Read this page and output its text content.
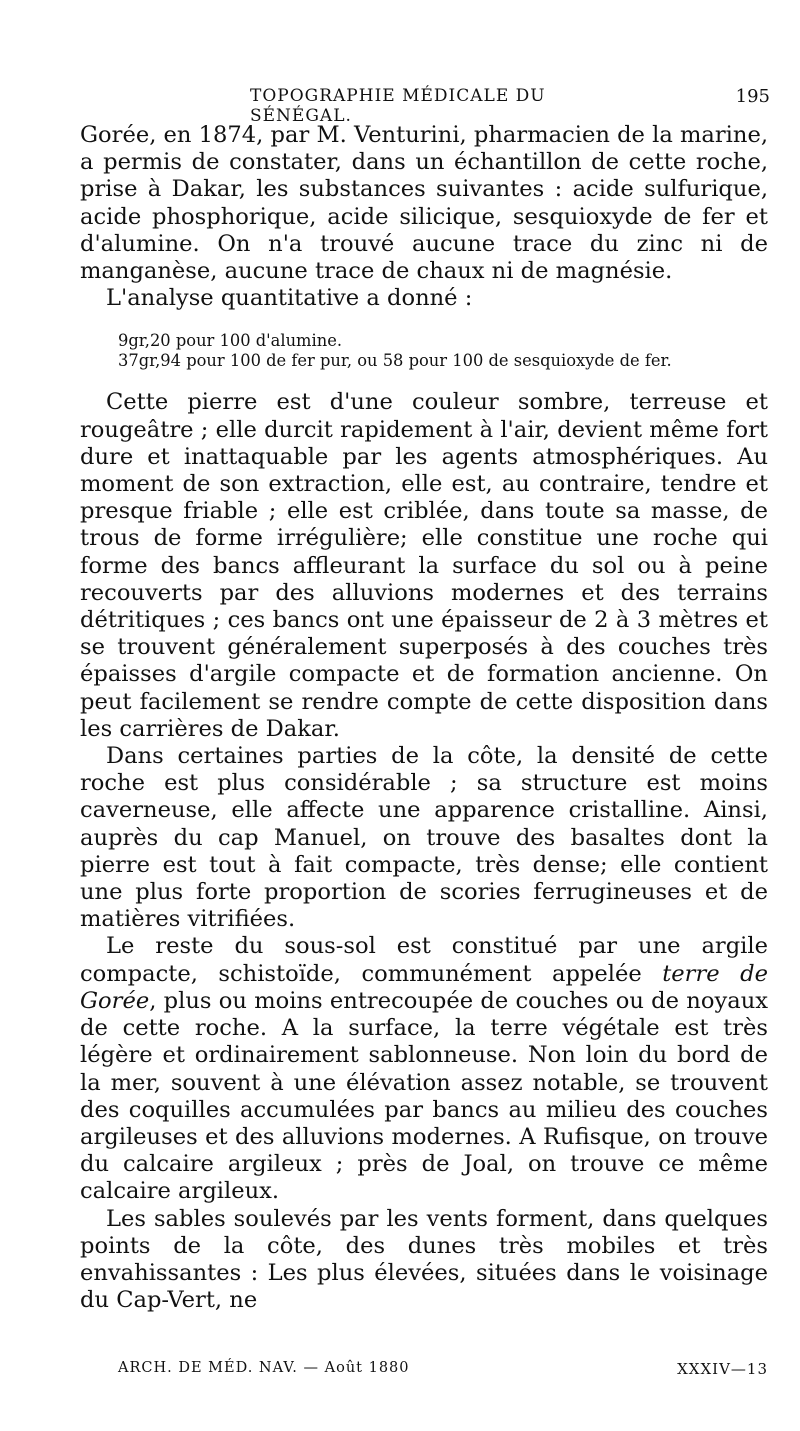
TOPOGRAPHIE MÉDICALE DU SÉNÉGAL.
195

Gorée, en 1874, par M. Venturini, pharmacien de la marine, a permis de constater, dans un échantillon de cette roche, prise à Dakar, les substances suivantes : acide sulfurique, acide phosphorique, acide silicique, sesquioxyde de fer et d'alumine. On n'a trouvé aucune trace du zinc ni de manganèse, aucune trace de chaux ni de magnésie.

L'analyse quantitative a donné :

9gr,20 pour 100 d'alumine.
37gr,94 pour 100 de fer pur, ou 58 pour 100 de sesquioxyde de fer.

Cette pierre est d'une couleur sombre, terreuse et rougeâtre ; elle durcit rapidement à l'air, devient même fort dure et inattaquable par les agents atmosphériques. Au moment de son extraction, elle est, au contraire, tendre et presque friable ; elle est criblée, dans toute sa masse, de trous de forme irrégulière; elle constitue une roche qui forme des bancs affleurant la surface du sol ou à peine recouverts par des alluvions modernes et des terrains détritiques ; ces bancs ont une épaisseur de 2 à 3 mètres et se trouvent généralement superposés à des couches très épaisses d'argile compacte et de formation ancienne. On peut facilement se rendre compte de cette disposition dans les carrières de Dakar.

Dans certaines parties de la côte, la densité de cette roche est plus considérable ; sa structure est moins caverneuse, elle affecte une apparence cristalline. Ainsi, auprès du cap Manuel, on trouve des basaltes dont la pierre est tout à fait compacte, très dense; elle contient une plus forte proportion de scories ferrugineuses et de matières vitrifiées.

Le reste du sous-sol est constitué par une argile compacte, schistoïde, communément appelée terre de Gorée, plus ou moins entrecoupée de couches ou de noyaux de cette roche. A la surface, la terre végétale est très légère et ordinairement sablonneuse. Non loin du bord de la mer, souvent à une élévation assez notable, se trouvent des coquilles accumulées par bancs au milieu des couches argileuses et des alluvions modernes. A Rufisque, on trouve du calcaire argileux ; près de Joal, on trouve ce même calcaire argileux.

Les sables soulevés par les vents forment, dans quelques points de la côte, des dunes très mobiles et très envahissantes : Les plus élevées, situées dans le voisinage du Cap-Vert, ne

ARCH. DE MÉD. NAV. — Août 1880	XXXIV—13
